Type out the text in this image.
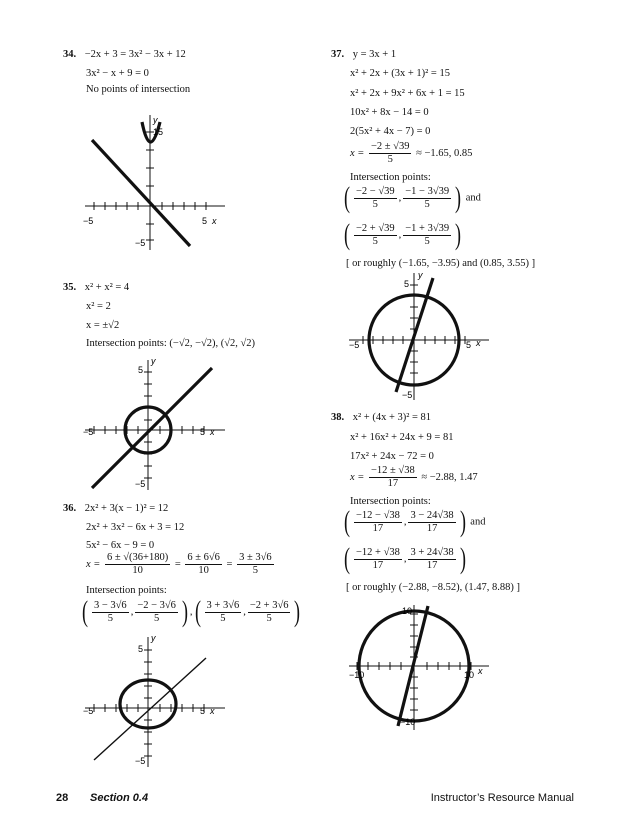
34. −2x + 3 = 3x² − 3x + 12
3x² − x + 9 = 0
No points of intersection
y
15
−5	5 x
−5
35. x² + x² = 4
x² = 2
x = ±√2
Intersection points: (−√2, −√2), (√2, √2)
y
5
−5	5 x
−5
36. 2x² + 3(x − 1)² = 12
2x² + 3x² − 6x + 3 = 12
5x² − 6x − 9 = 0
$x = \frac{6 \pm √(36+180)}{10} = \frac{6 \pm 6√6}{10} = \frac{3 \pm 3√6}{5}$
Intersection points:
( $\frac{3 - 3√6}{5}$ , $\frac{-2 - 3√6}{5}$ ) ,( $\frac{3 + 3√6}{5}$ , $\frac{-2 + 3√6}{5}$ )
y
5
−5	5 x
−5
37. y = 3x + 1
x² + 2x + (3x + 1)² = 15
x² + 2x + 9x² + 6x + 1 = 15
10x² + 8x − 14 = 0
2(5x² + 4x − 7) = 0
$x = \frac{-2 \pm √39}{5} \approx -1.65$, 0.85
Intersection points:
( $\frac{-2 - √39}{5}$ , $\frac{-1 - 3√39}{5}$ ) and
( $\frac{-2 + √39}{5}$ , $\frac{-1 + 3√39}{5}$ )
[ or roughly (−1.65, −3.95) and (0.85, 3.55) ]
y
5
−5	5 x
−5
38. x² + (4x + 3)² = 81
x² + 16x² + 24x + 9 = 81
17x² + 24x − 72 = 0
$x = \frac{-12 \pm √38}{17} \approx -2.88$, 1.47
Intersection points:
( $\frac{-12 - √38}{17}$ , $\frac{3 - 24√38}{17}$ ) and
( $\frac{-12 + √38}{17}$ , $\frac{3 + 24√38}{17}$ )
[ or roughly (−2.88, −8.52), (1.47, 8.88) ]
10
−10	10 x
−10
28 Section 0.4	Instructor’s Resource Manual
